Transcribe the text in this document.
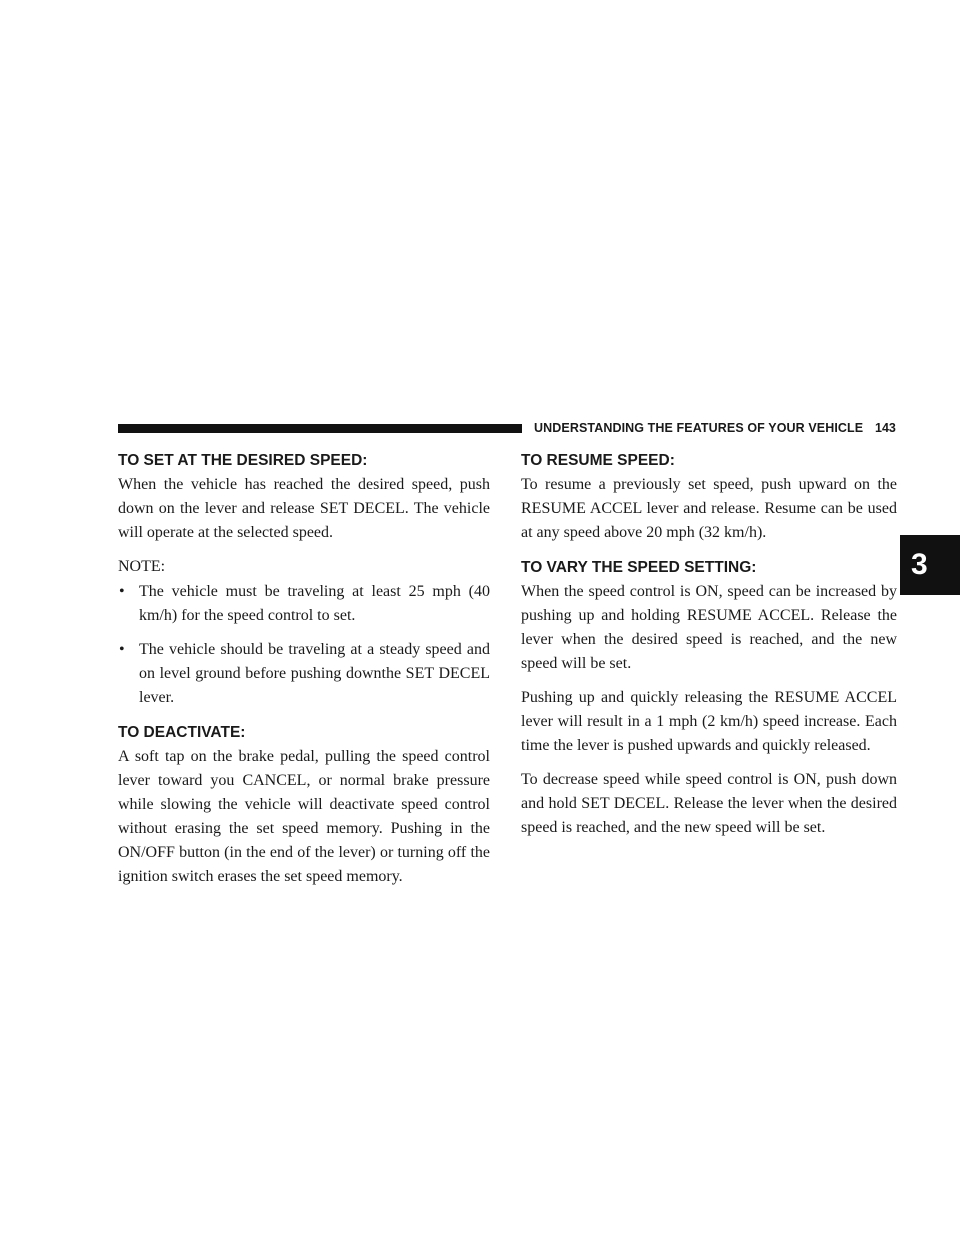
UNDERSTANDING THE FEATURES OF YOUR VEHICLE 143
3
TO SET AT THE DESIRED SPEED:

When the vehicle has reached the desired speed, push down on the lever and release SET DECEL. The vehicle will operate at the selected speed.

NOTE:
• The vehicle must be traveling at least 25 mph (40 km/h) for the speed control to set.
• The vehicle should be traveling at a steady speed and on level ground before pushing downthe SET DECEL lever.
TO DEACTIVATE:

A soft tap on the brake pedal, pulling the speed control lever toward you CANCEL, or normal brake pressure while slowing the vehicle will deactivate speed control without erasing the set speed memory. Pushing in the ON/OFF button (in the end of the lever) or turning off the ignition switch erases the set speed memory.

TO RESUME SPEED:

To resume a previously set speed, push upward on the RESUME ACCEL lever and release. Resume can be used at any speed above 20 mph (32 km/h).

TO VARY THE SPEED SETTING:

When the speed control is ON, speed can be increased by pushing up and holding RESUME ACCEL. Release the lever when the desired speed is reached, and the new speed will be set.

Pushing up and quickly releasing the RESUME ACCEL lever will result in a 1 mph (2 km/h) speed increase. Each time the lever is pushed upwards and quickly released.

To decrease speed while speed control is ON, push down and hold SET DECEL. Release the lever when the desired speed is reached, and the new speed will be set.
